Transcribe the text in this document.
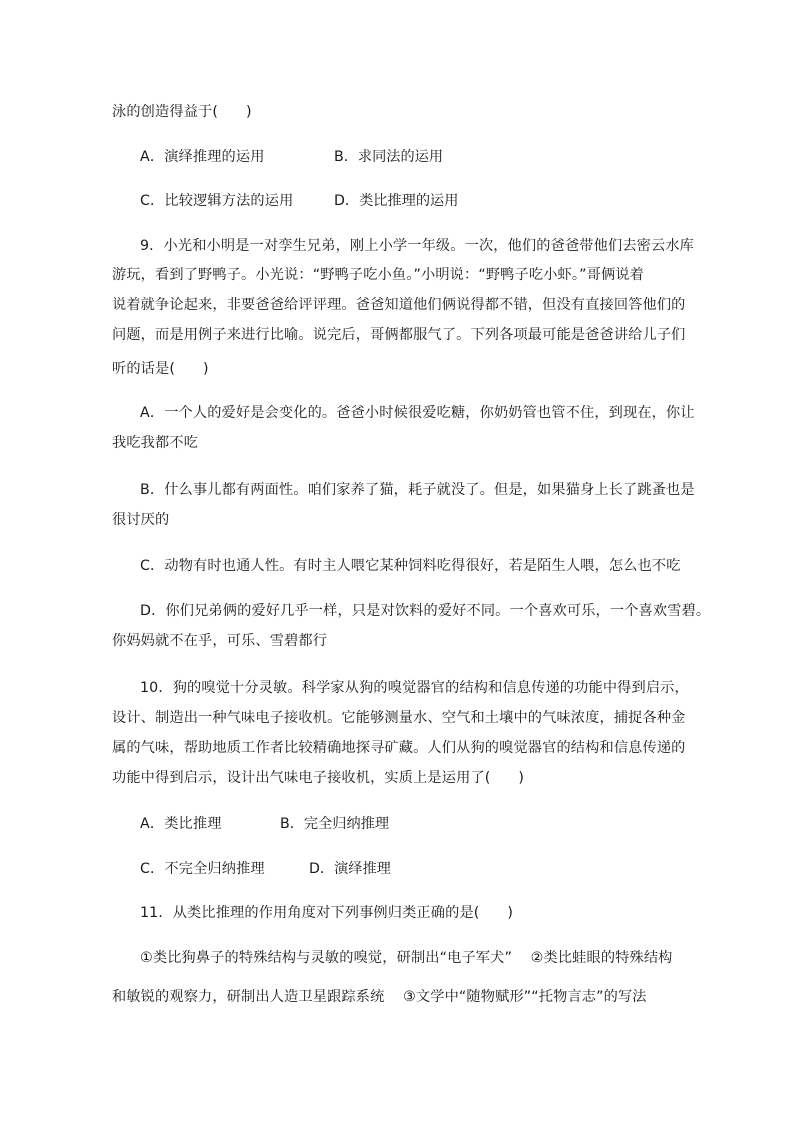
泳的创造得益于(      )
A．演绎推理的运用	B．求同法的运用
C．比较逻辑方法的运用	D．类比推理的运用
9．小光和小明是一对孪生兄弟，刚上小学一年级。一次，他们的爸爸带他们去密云水库
游玩，看到了野鸭子。小光说：“野鸭子吃小鱼。”小明说：“野鸭子吃小虾。”哥俩说着
说着就争论起来，非要爸爸给评评理。爸爸知道他们俩说得都不错，但没有直接回答他们的
问题，而是用例子来进行比喻。说完后，哥俩都服气了。下列各项最可能是爸爸讲给儿子们
听的话是(      )
A．一个人的爱好是会变化的。爸爸小时候很爱吃糖，你奶奶管也管不住，到现在，你让
我吃我都不吃
B．什么事儿都有两面性。咱们家养了猫，耗子就没了。但是，如果猫身上长了跳蚤也是
很讨厌的
C．动物有时也通人性。有时主人喂它某种饲料吃得很好，若是陌生人喂，怎么也不吃
D．你们兄弟俩的爱好几乎一样，只是对饮料的爱好不同。一个喜欢可乐，一个喜欢雪碧。
你妈妈就不在乎，可乐、雪碧都行
10．狗的嗅觉十分灵敏。科学家从狗的嗅觉器官的结构和信息传递的功能中得到启示，
设计、制造出一种气味电子接收机。它能够测量水、空气和土壤中的气味浓度，捕捉各种金
属的气味，帮助地质工作者比较精确地探寻矿藏。人们从狗的嗅觉器官的结构和信息传递的
功能中得到启示，设计出气味电子接收机，实质上是运用了(      )
A．类比推理	B．完全归纳推理
C．不完全归纳推理	D．演绎推理
11．从类比推理的作用角度对下列事例归类正确的是(      )
①类比狗鼻子的特殊结构与灵敏的嗅觉，研制出“电子军犬”    ②类比蛙眼的特殊结构
和敏锐的观察力，研制出人造卫星跟踪系统    ③文学中“随物赋形”“托物言志”的写法
